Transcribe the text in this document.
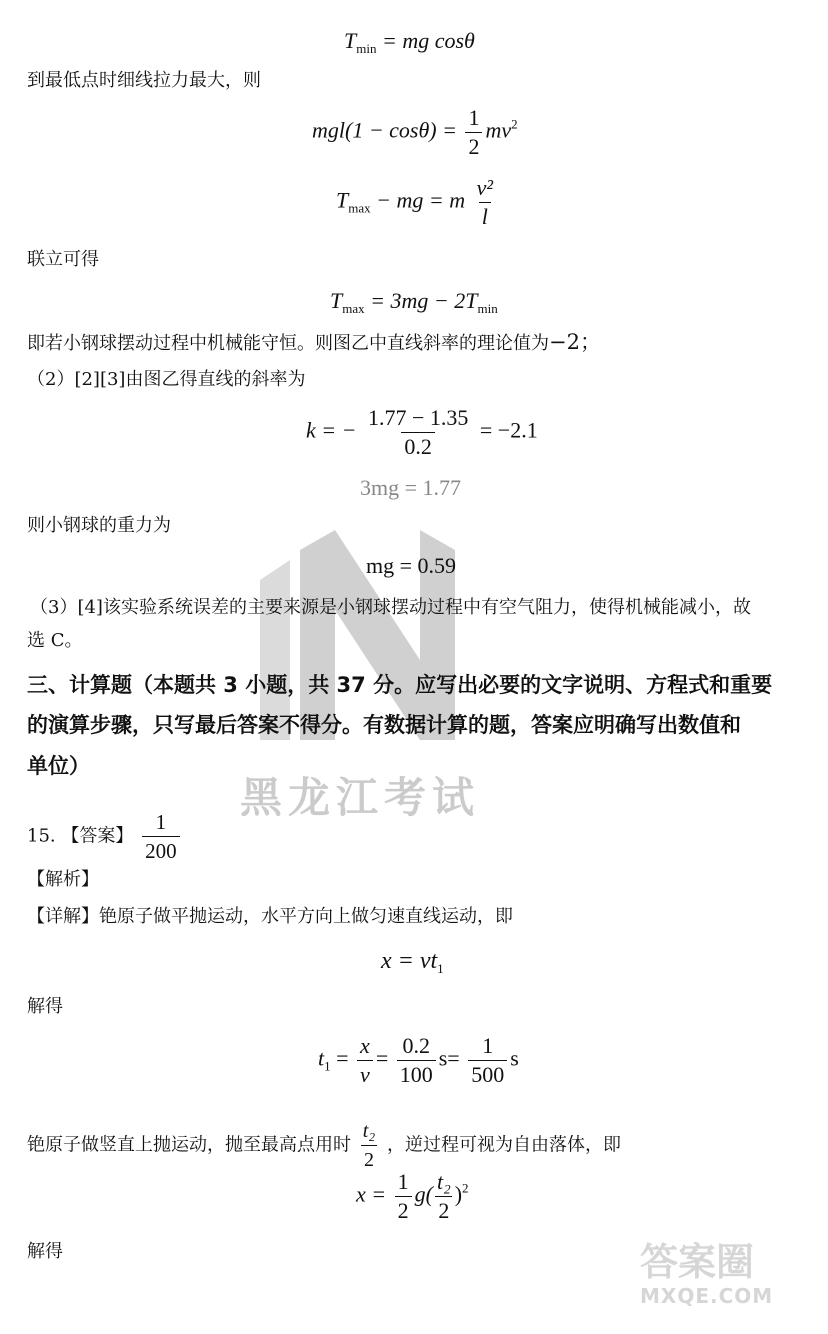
黑龙江考试
答案圈
MXQE.COM
$T_{min}$ = mg cosθ
到最低点时细线拉力最大，则
$mgl(1 - \cos\theta) = \frac{1}{2} mv^2$
$T_{max}$ − mg = m $\frac{\text{v²}}{l}$
联立可得
$T_{max} = 3mg - 2T_{min}$
即若小钢球摆动过程中机械能守恒。则图乙中直线斜率的理论值为−2；
（2）[2][3]由图乙得直线的斜率为
k = − $\frac{1.77 - 1.35}{0.2} = -2.1$
3mg = 1.77
则小钢球的重力为
mg = 0.59
（3）[4]该实验系统误差的主要来源是小钢球摆动过程中有空气阻力，使得机械能减小，故
选 C。
三、计算题（本题共 3 小题，共 37 分。应写出必要的文字说明、方程式和重要
的演算步骤，只写最后答案不得分。有数据计算的题，答案应明确写出数值和
单位）
15. 【答案】 $\frac{1}{200}$
【解析】
【详解】铯原子做平抛运动，水平方向上做匀速直线运动，即
$x = vt_1$
解得
$t_1 = \frac{x}{v} = \frac{0.2}{100} s= \frac{1}{500}$ s
铯原子做竖直上抛运动，抛至最高点用时 $\frac{\text{t₂}}{2}$ ，逆过程可视为自由落体，即
$x = \frac{1}{2} g( \frac{\text{t₂}}{2} )^2$
解得
